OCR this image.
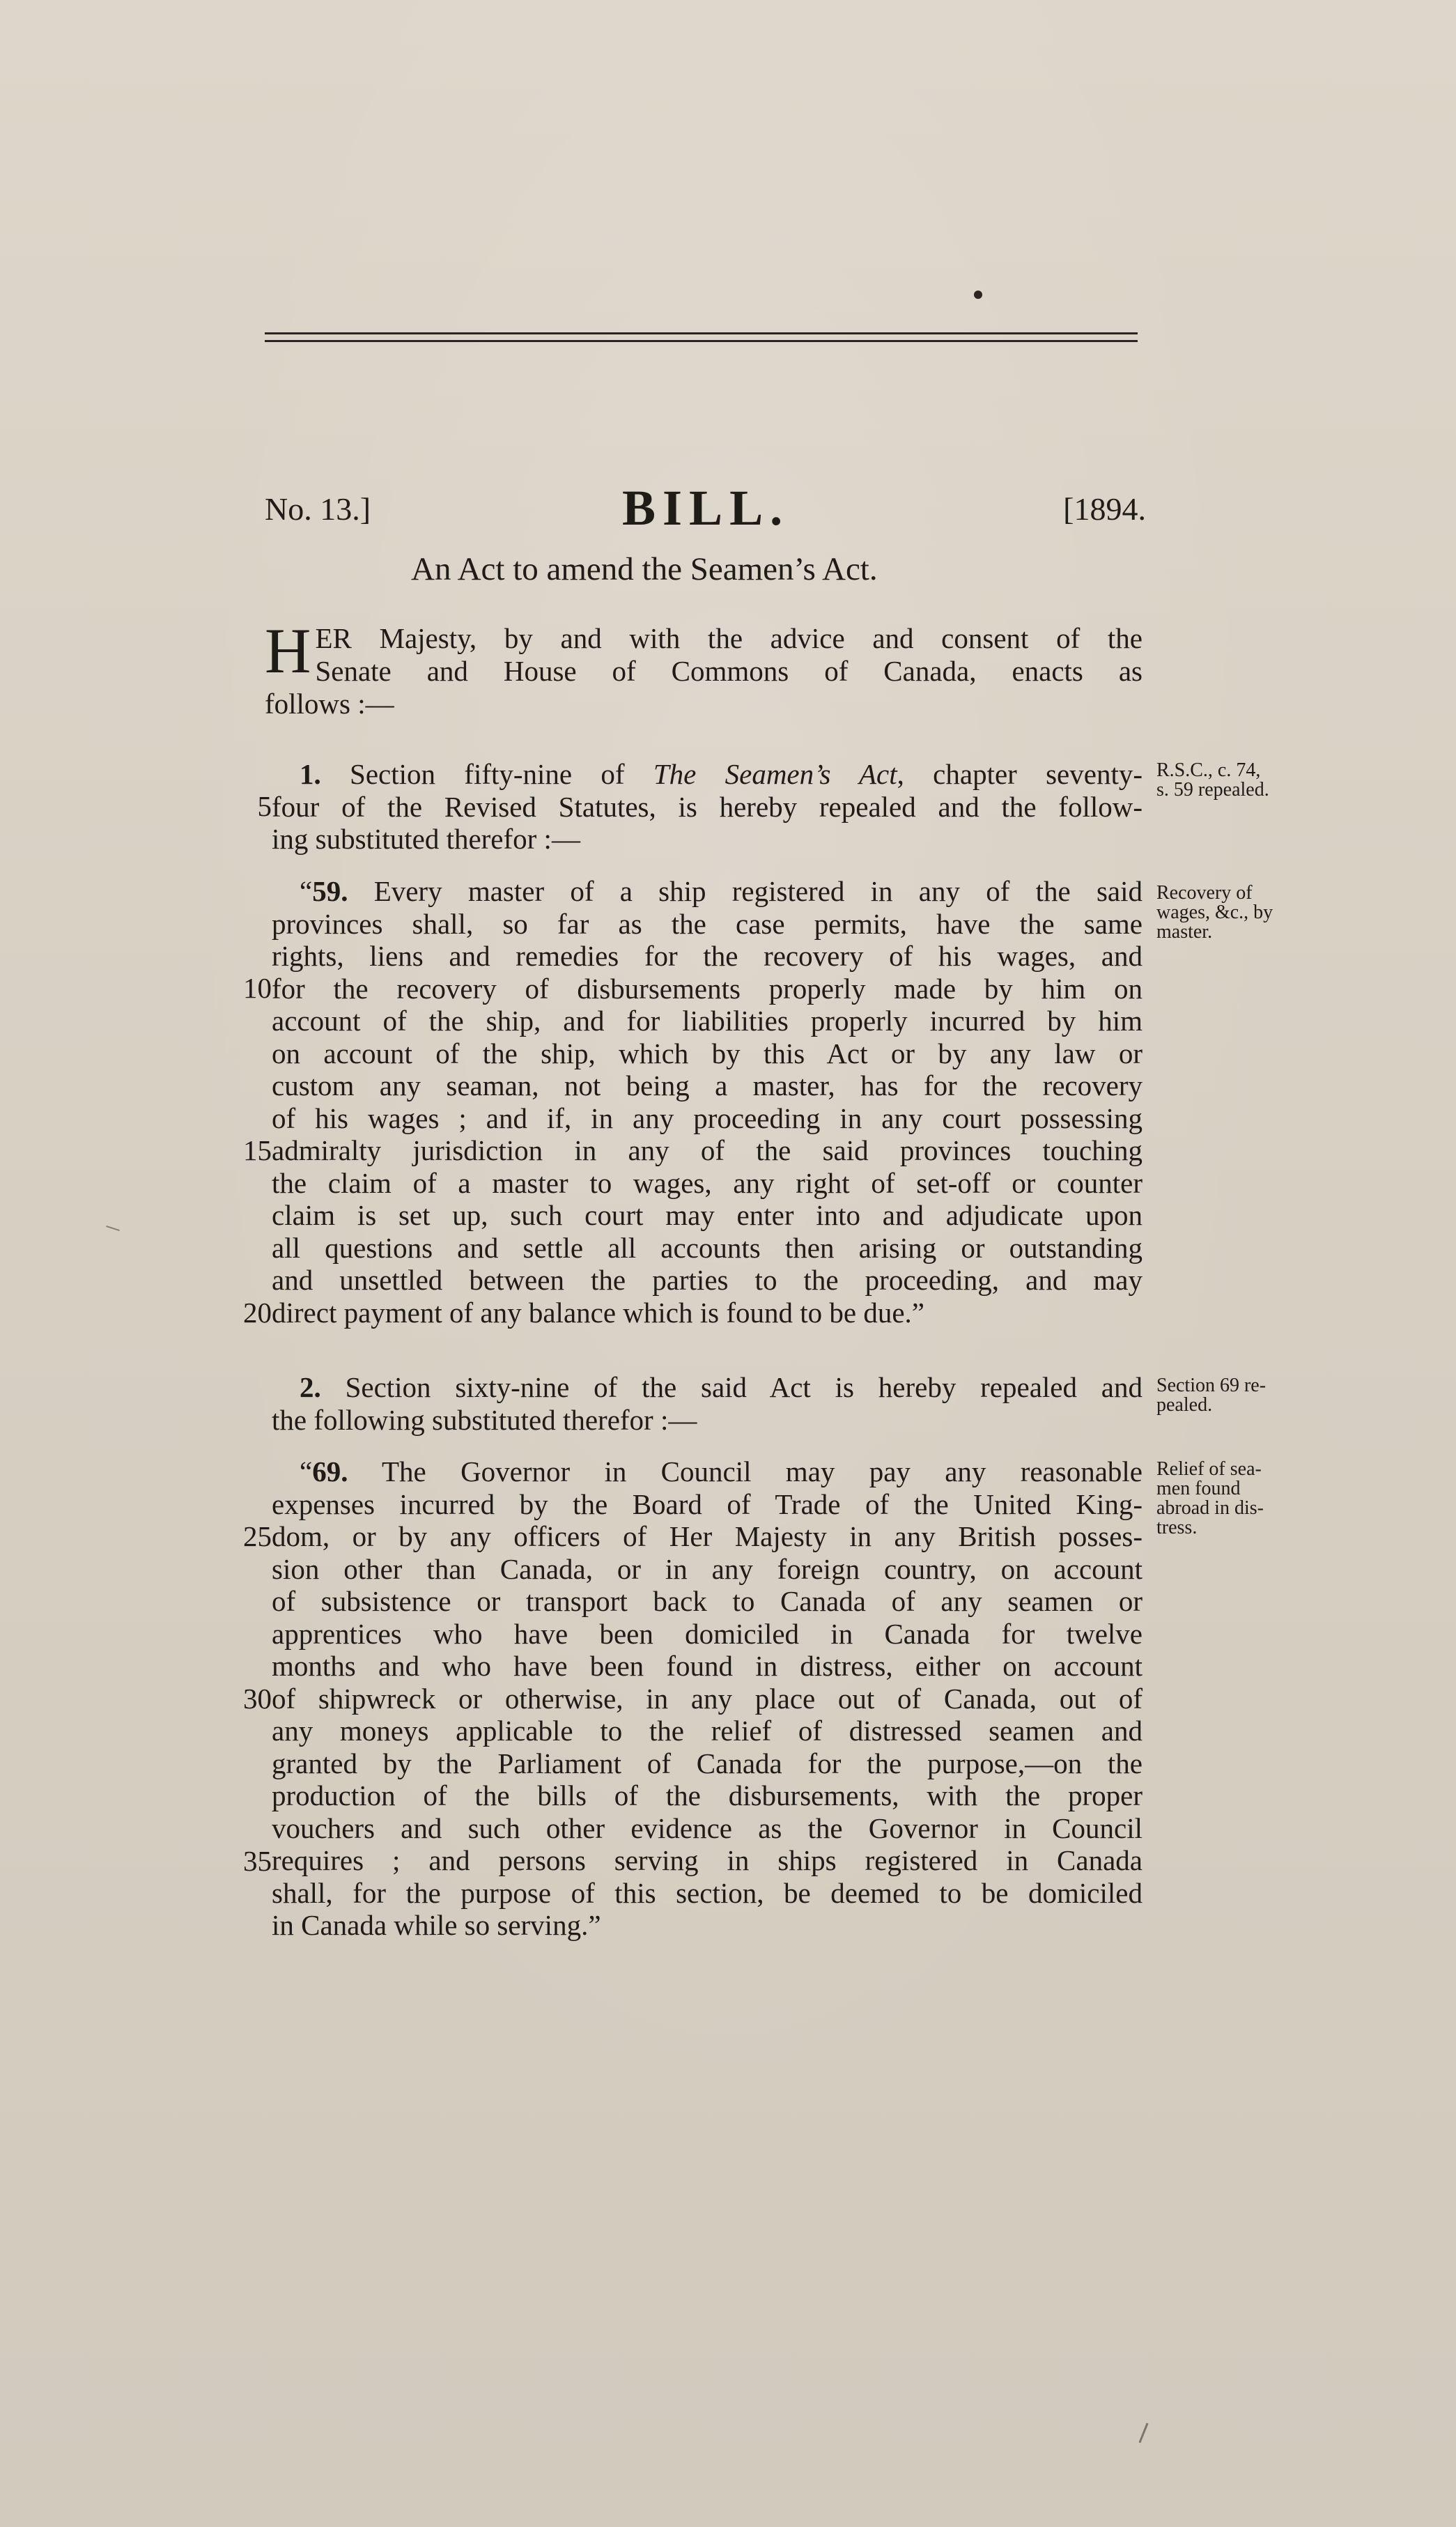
No. 13.]	BILL.	[1894.
An Act to amend the Seamen’s Act.
H ER Majesty, by and with the advice and consent of the
Senate and House of Commons of Canada, enacts as
follows :—
1. Section fifty-nine of The Seamen’s Act, chapter seventy-
four of the Revised Statutes, is hereby repealed and the follow-
ing substituted therefor :—
R.S.C., c. 74,
s. 59 repealed.
“59. Every master of a ship registered in any of the said
provinces shall, so far as the case permits, have the same
rights, liens and remedies for the recovery of his wages, and
for the recovery of disbursements properly made by him on
account of the ship, and for liabilities properly incurred by him
on account of the ship, which by this Act or by any law or
custom any seaman, not being a master, has for the recovery
of his wages ; and if, in any proceeding in any court possessing
admiralty jurisdiction in any of the said provinces touching
the claim of a master to wages, any right of set-off or counter
claim is set up, such court may enter into and adjudicate upon
all questions and settle all accounts then arising or outstanding
and unsettled between the parties to the proceeding, and may
direct payment of any balance which is found to be due.”
Recovery of
wages, &c., by
master.
2. Section sixty-nine of the said Act is hereby repealed and
the following substituted therefor :—
Section 69 re-
pealed.
“69. The Governor in Council may pay any reasonable
expenses incurred by the Board of Trade of the United King-
dom, or by any officers of Her Majesty in any British posses-
sion other than Canada, or in any foreign country, on account
of subsistence or transport back to Canada of any seamen or
apprentices who have been domiciled in Canada for twelve
months and who have been found in distress, either on account
of shipwreck or otherwise, in any place out of Canada, out of
any moneys applicable to the relief of distressed seamen and
granted by the Parliament of Canada for the purpose,—on the
production of the bills of the disbursements, with the proper
vouchers and such other evidence as the Governor in Council
requires ; and persons serving in ships registered in Canada
shall, for the purpose of this section, be deemed to be domiciled
in Canada while so serving.”
Relief of sea-
men found
abroad in dis-
tress.
5
10
15
20
25
30
35
